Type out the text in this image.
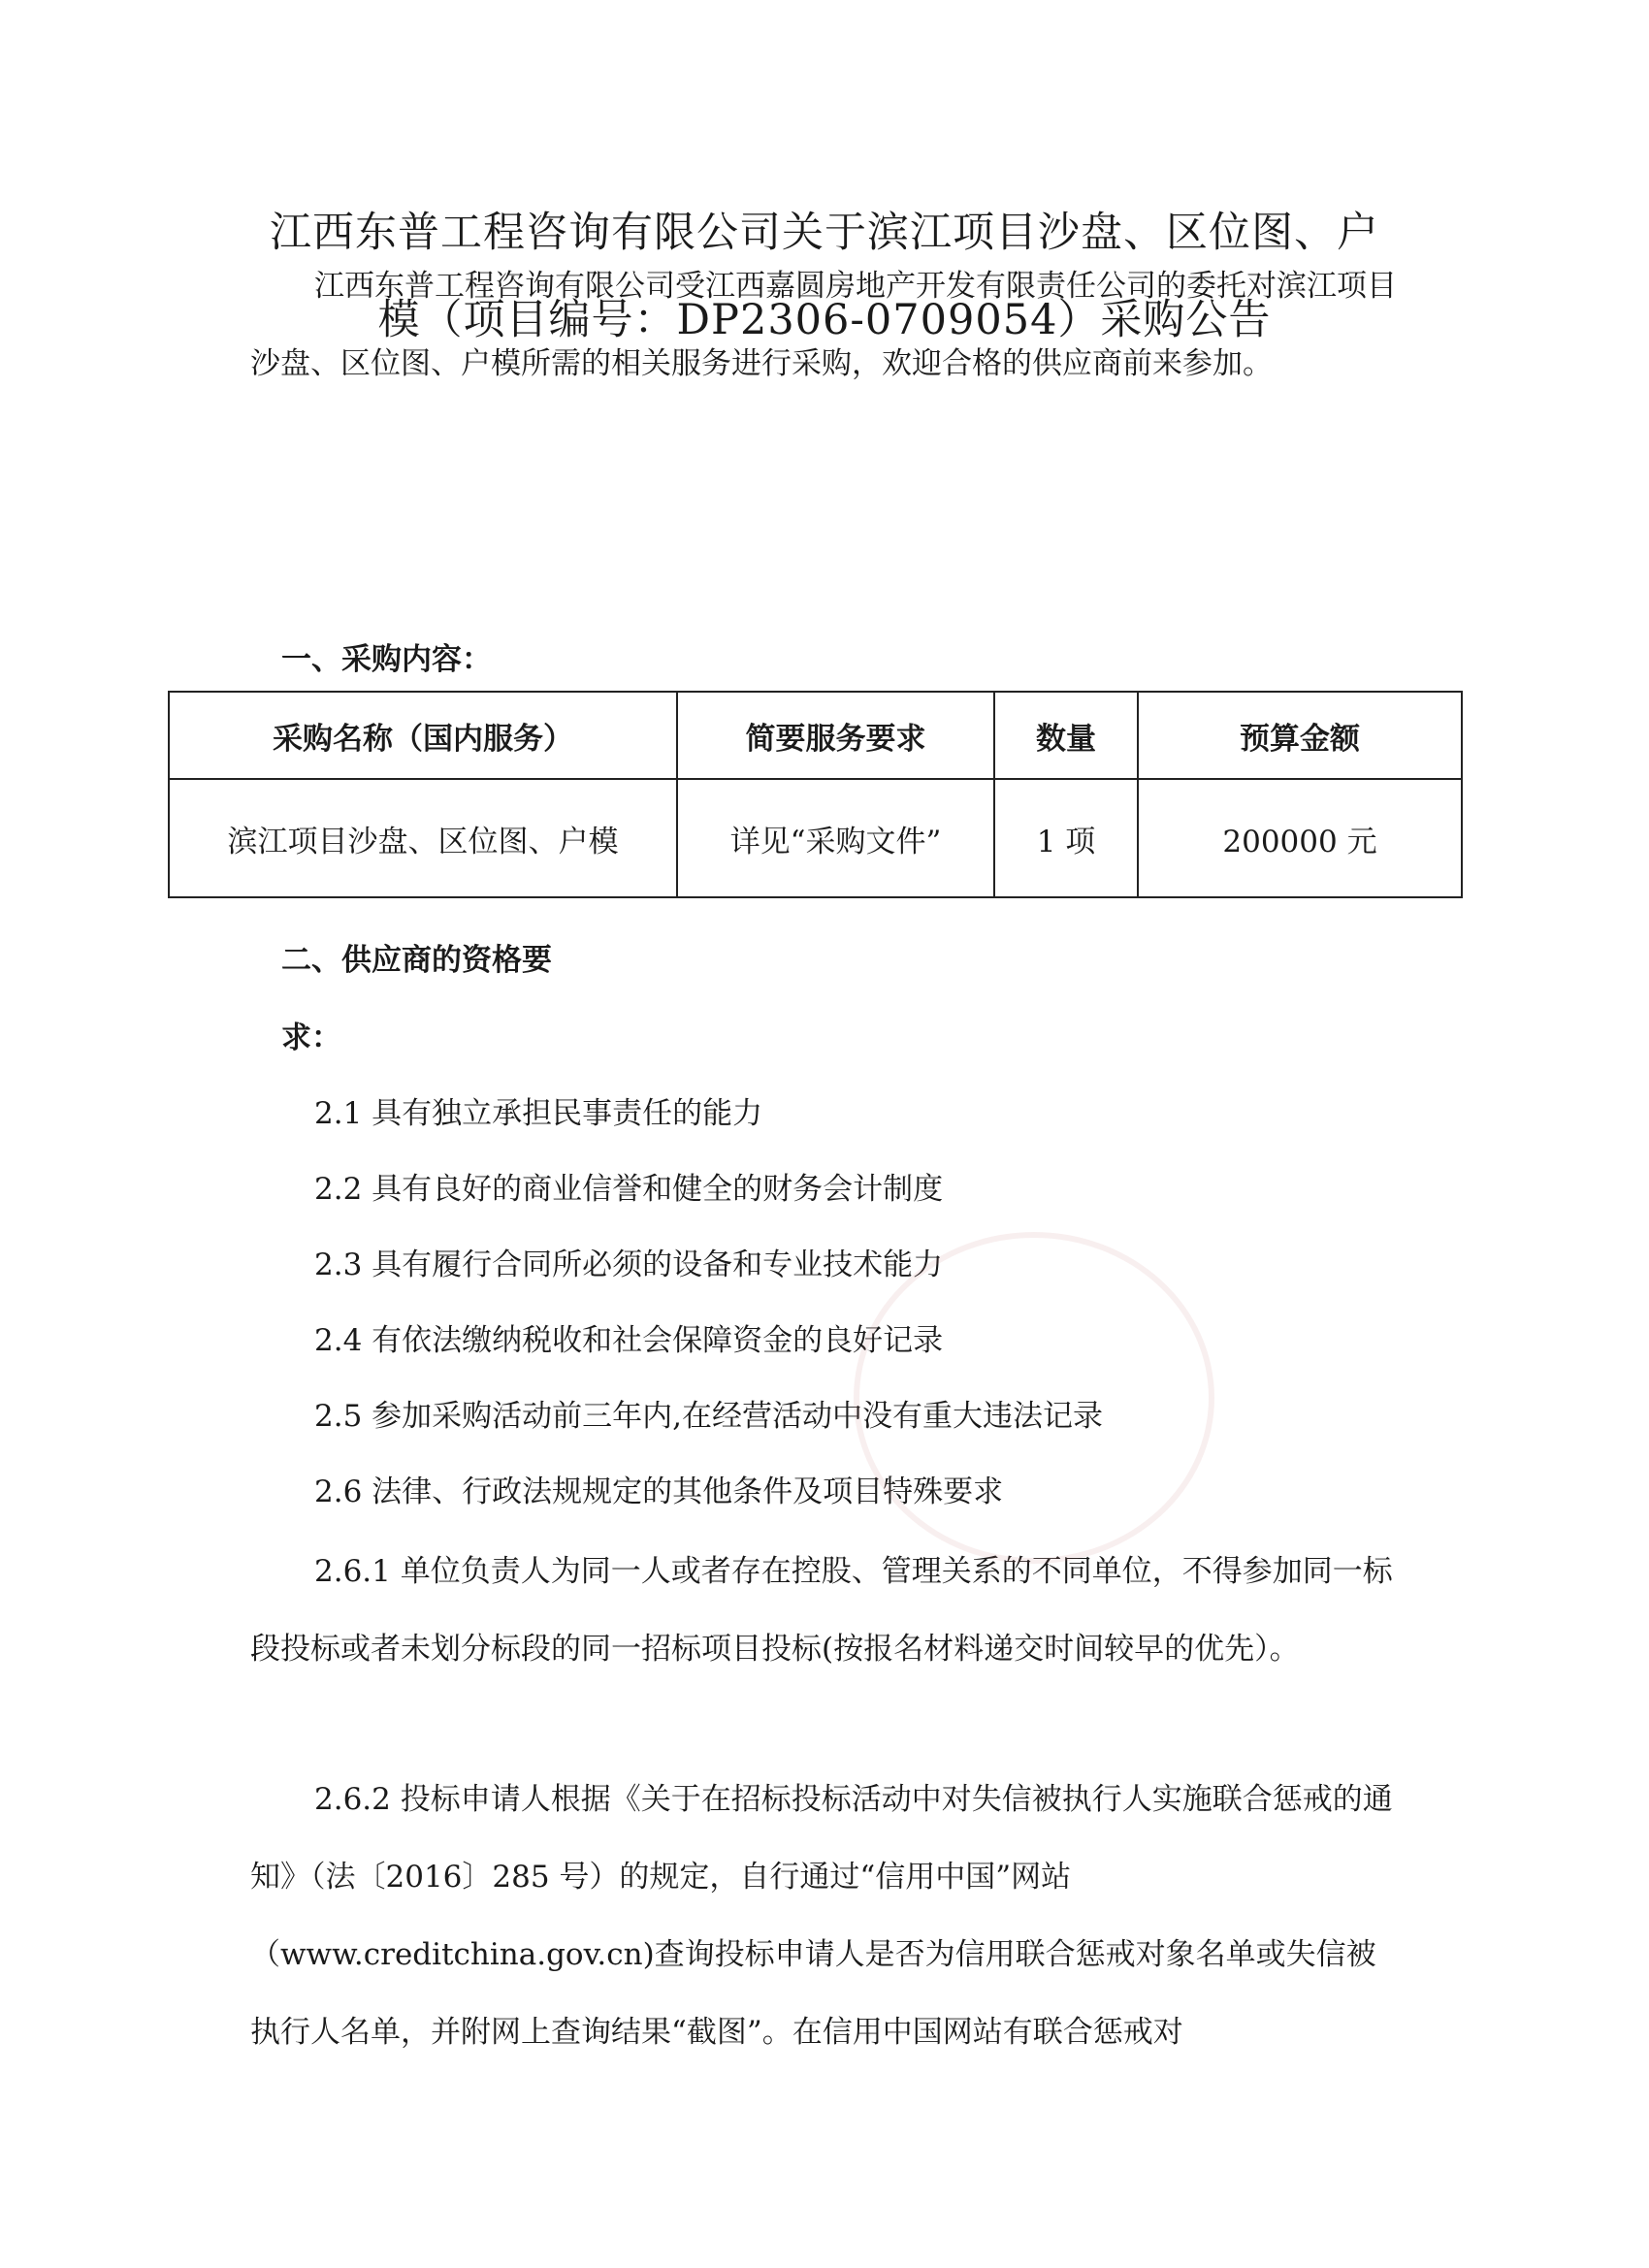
江西东普工程咨询有限公司关于滨江项目沙盘、区位图、户
模（项目编号：DP2306-0709054）采购公告

江西东普工程咨询有限公司受江西嘉圆房地产开发有限责任公司的委托对滨江项目沙盘、区位图、户模所需的相关服务进行采购，欢迎合格的供应商前来参加。

一、采购内容：
采购名称（国内服务）	简要服务要求	数量	预算金额
滨江项目沙盘、区位图、户模	详见“采购文件”	1 项	200000 元
二、供应商的资格要
求：
2.1 具有独立承担民事责任的能力
2.2 具有良好的商业信誉和健全的财务会计制度
2.3 具有履行合同所必须的设备和专业技术能力
2.4 有依法缴纳税收和社会保障资金的良好记录
2.5 参加采购活动前三年内,在经营活动中没有重大违法记录
2.6 法律、行政法规规定的其他条件及项目特殊要求

2.6.1 单位负责人为同一人或者存在控股、管理关系的不同单位，不得参加同一标段投标或者未划分标段的同一招标项目投标(按报名材料递交时间较早的优先）。

2.6.2 投标申请人根据《关于在招标投标活动中对失信被执行人实施联合惩戒的通知》（法〔2016〕285 号）的规定，自行通过“信用中国”网站（www.creditchina.gov.cn)查询投标申请人是否为信用联合惩戒对象名单或失信被执行人名单，并附网上查询结果“截图”。在信用中国网站有联合惩戒对
